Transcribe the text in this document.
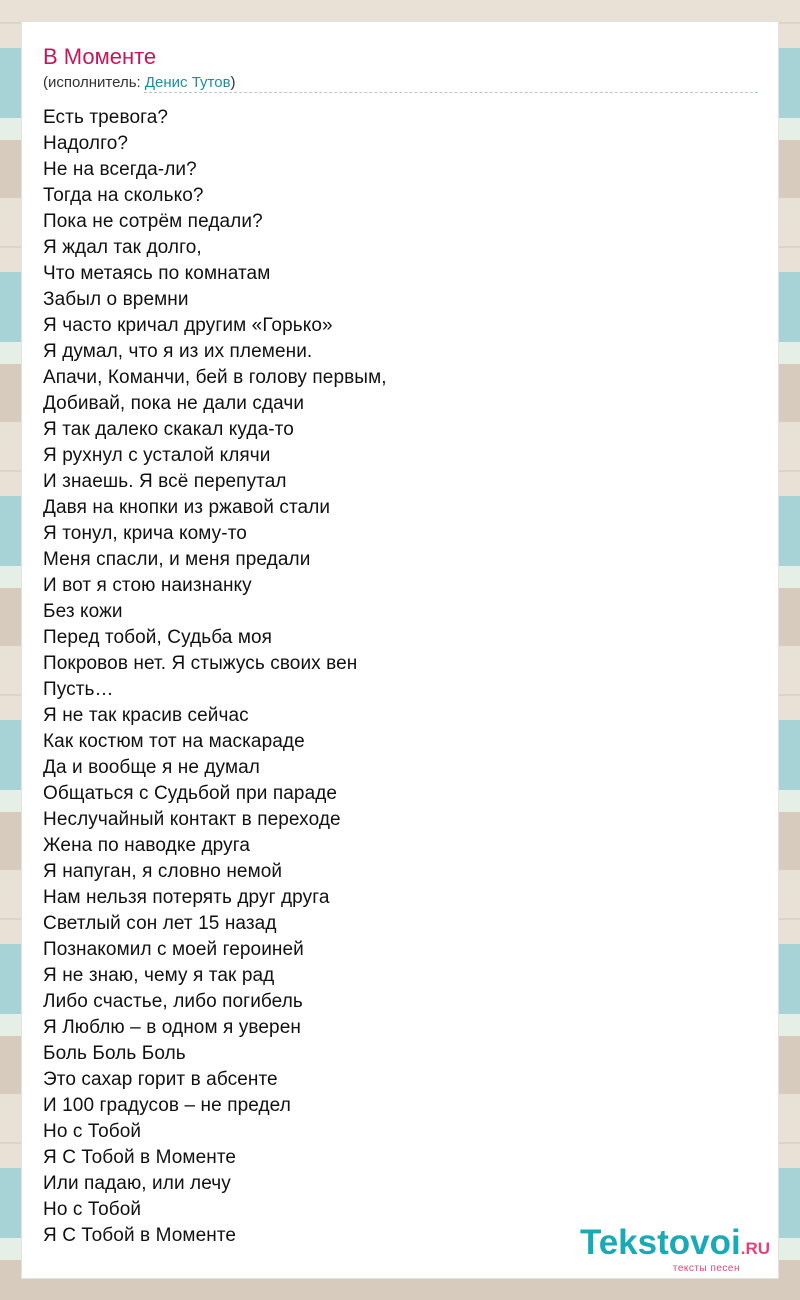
В Моменте
(исполнитель: Денис Тутов)
Есть тревога?
Надолго?
Не на всегда-ли?
Тогда на сколько?
Пока не сотрём педали?
Я ждал так долго,
Что метаясь по комнатам
Забыл о времни
Я часто кричал другим «Горько»
Я думал, что я из их племени.
Апачи, Команчи, бей в голову первым,
Добивай, пока не дали сдачи
Я так далеко скакал куда-то
Я рухнул с усталой клячи
И знаешь. Я всё перепутал
Давя на кнопки из ржавой стали
Я тонул, крича кому-то
Меня спасли, и меня предали
И вот я стою наизнанку
Без кожи
Перед тобой, Судьба моя
Покровов нет. Я стыжусь своих вен
Пусть…
Я не так красив сейчас
Как костюм тот на маскараде
Да и вообще я не думал
Общаться с Судьбой при параде
Неслучайный контакт в переходе
Жена по наводке друга
Я напуган, я словно немой
Нам нельзя потерять друг друга
Светлый сон лет 15 назад
Познакомил с моей героиней
Я не знаю, чему я так рад
Либо счастье, либо погибель
Я Люблю – в одном я уверен
Боль Боль Боль
Это сахар горит в абсенте
И 100 градусов – не предел
Но с Тобой
Я С Тобой в Моменте
Или падаю, или лечу
Но с Тобой
Я С Тобой в Моменте	Tekstovoi.RU
тексты песен
